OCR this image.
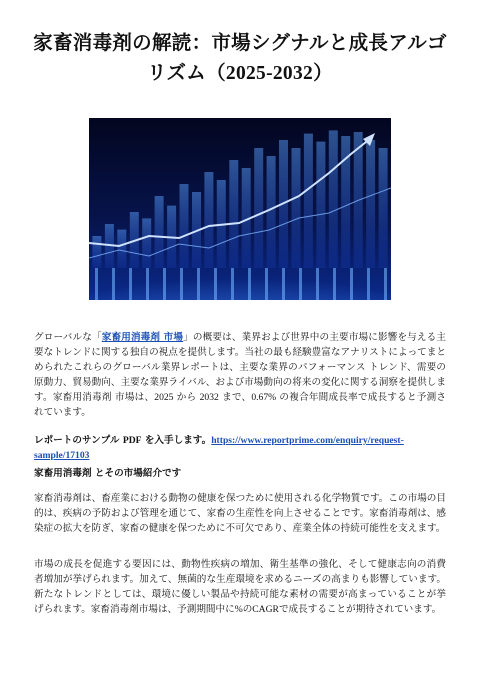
家畜消毒剤の解読：市場シグナルと成長アルゴ
リズム（2025-2032）
グローバルな「家畜用消毒剤 市場」の概要は、業界および世界中の主要市場に影響を与える主要なトレンドに関する独自の視点を提供します。当社の最も経験豊富なアナリストによってまとめられたこれらのグローバル業界レポートは、主要な業界のパフォーマンス トレンド、需要の原動力、貿易動向、主要な業界ライバル、および市場動向の将来の変化に関する洞察を提供します。家畜用消毒剤 市場は、2025 から 2032 まで、0.67% の複合年間成長率で成長すると予測されています。
レポートのサンプル PDF を入手します。https://www.reportprime.com/enquiry/request-
sample/17103
家畜用消毒剤 とその市場紹介です
家畜消毒剤は、畜産業における動物の健康を保つために使用される化学物質です。この市場の目的は、疾病の予防および管理を通じて、家畜の生産性を向上させることです。家畜消毒剤は、感染症の拡大を防ぎ、家畜の健康を保つために不可欠であり、産業全体の持続可能性を支えます。
市場の成長を促進する要因には、動物性疾病の増加、衛生基準の強化、そして健康志向の消費者増加が挙げられます。加えて、無菌的な生産環境を求めるニーズの高まりも影響しています。新たなトレンドとしては、環境に優しい製品や持続可能な素材の需要が高まっていることが挙げられます。家畜消毒剤市場は、予測期間中に%のCAGRで成長することが期待されています。
